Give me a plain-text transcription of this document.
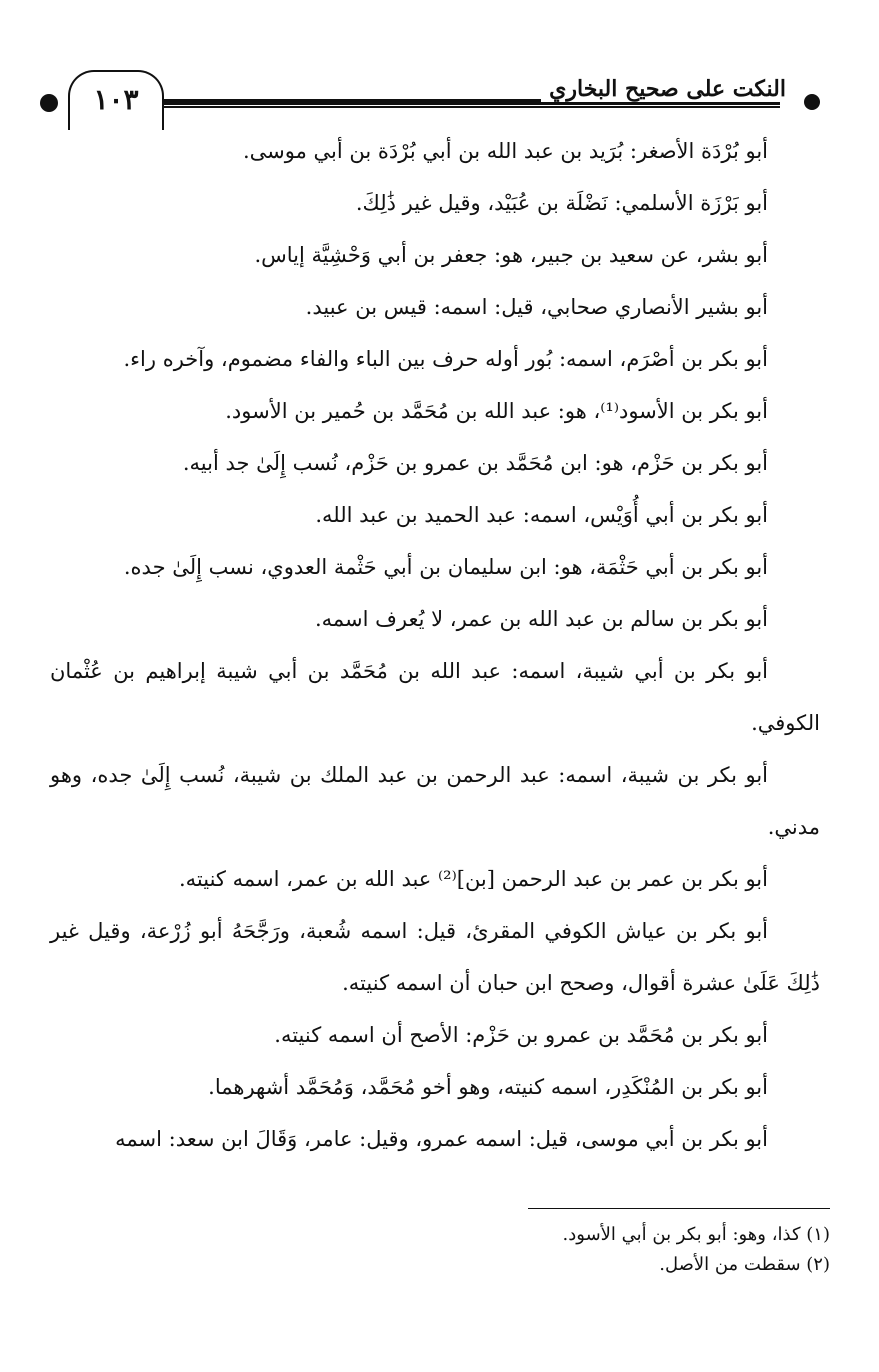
١٠٣	النكت على صحيح البخاري

أبو بُرْدَة الأصغر: بُرَيد بن عبد الله بن أبي بُرْدَة بن أبي موسى.

أبو بَرْزَة الأسلمي: نَضْلَة بن عُبَيْد، وقيل غير ذَٰلِكَ.

أبو بشر، عن سعيد بن جبير، هو: جعفر بن أبي وَحْشِيَّة إياس.

أبو بشير الأنصاري صحابي، قيل: اسمه: قيس بن عبيد.

أبو بكر بن أصْرَم، اسمه: بُور أوله حرف بين الباء والفاء مضموم، وآخره راء.

أبو بكر بن الأسود⁽¹⁾، هو: عبد الله بن مُحَمَّد بن حُمير بن الأسود.

أبو بكر بن حَزْم، هو: ابن مُحَمَّد بن عمرو بن حَزْم، نُسب إِلَىٰ جد أبيه.

أبو بكر بن أبي أُوَيْس، اسمه: عبد الحميد بن عبد الله.

أبو بكر بن أبي حَثْمَة، هو: ابن سليمان بن أبي حَثْمة العدوي، نسب إِلَىٰ جده.

أبو بكر بن سالم بن عبد الله بن عمر، لا يُعرف اسمه.

أبو بكر بن أبي شيبة، اسمه: عبد الله بن مُحَمَّد بن أبي شيبة إبراهيم بن عُثْمان الكوفي.

أبو بكر بن شيبة، اسمه: عبد الرحمن بن عبد الملك بن شيبة، نُسب إِلَىٰ جده، وهو مدني.

أبو بكر بن عمر بن عبد الرحمن [بن]⁽²⁾ عبد الله بن عمر، اسمه كنيته.

أبو بكر بن عياش الكوفي المقرئ، قيل: اسمه شُعبة، ورَجَّحَهُ أبو زُرْعة، وقيل غير ذَٰلِكَ عَلَىٰ عشرة أقوال، وصحح ابن حبان أن اسمه كنيته.

أبو بكر بن مُحَمَّد بن عمرو بن حَزْم: الأصح أن اسمه كنيته.

أبو بكر بن المُنْكَدِر، اسمه كنيته، وهو أخو مُحَمَّد، وَمُحَمَّد أشهرهما.

أبو بكر بن أبي موسى، قيل: اسمه عمرو، وقيل: عامر، وَقَالَ ابن سعد: اسمه

(١) كذا، وهو: أبو بكر بن أبي الأسود.
(٢) سقطت من الأصل.
